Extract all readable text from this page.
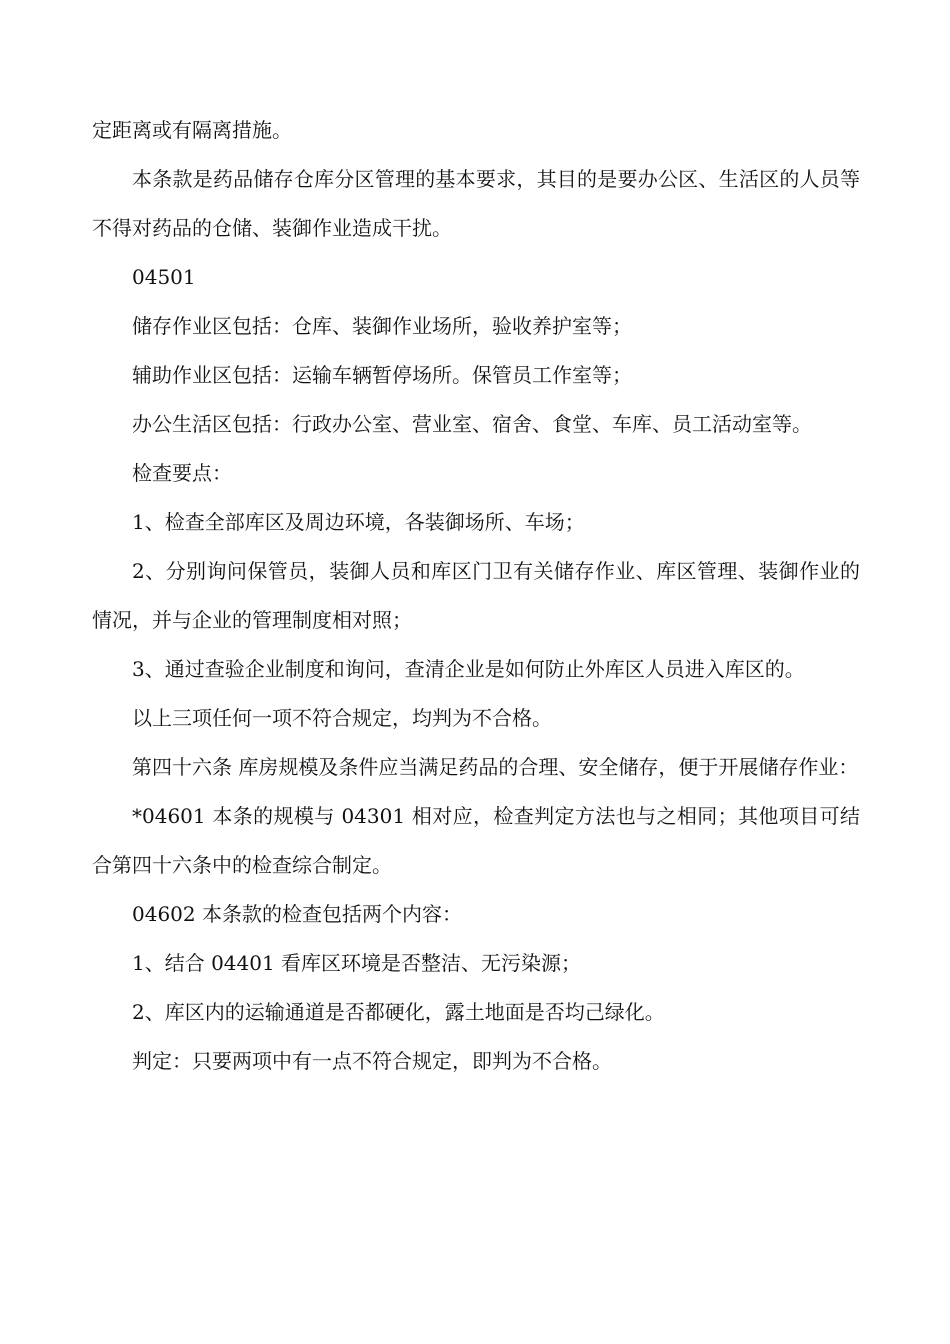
定距离或有隔离措施。

本条款是药品储存仓库分区管理的基本要求，其目的是要办公区、生活区的人员等不得对药品的仓储、装御作业造成干扰。

04501

储存作业区包括：仓库、装御作业场所，验收养护室等；

辅助作业区包括：运输车辆暂停场所。保管员工作室等；

办公生活区包括：行政办公室、营业室、宿舍、食堂、车库、员工活动室等。

检查要点：

1、检查全部库区及周边环境，各装御场所、车场；

2、分别询问保管员，装御人员和库区门卫有关储存作业、库区管理、装御作业的情况，并与企业的管理制度相对照；

3、通过查验企业制度和询问，查清企业是如何防止外库区人员进入库区的。

以上三项任何一项不符合规定，均判为不合格。

第四十六条 库房规模及条件应当满足药品的合理、安全储存，便于开展储存作业：

*04601 本条的规模与 04301 相对应，检查判定方法也与之相同；其他项目可结合第四十六条中的检查综合制定。

04602 本条款的检查包括两个内容：

1、结合 04401 看库区环境是否整洁、无污染源；

2、库区内的运输通道是否都硬化，露土地面是否均己绿化。

判定：只要两项中有一点不符合规定，即判为不合格。
